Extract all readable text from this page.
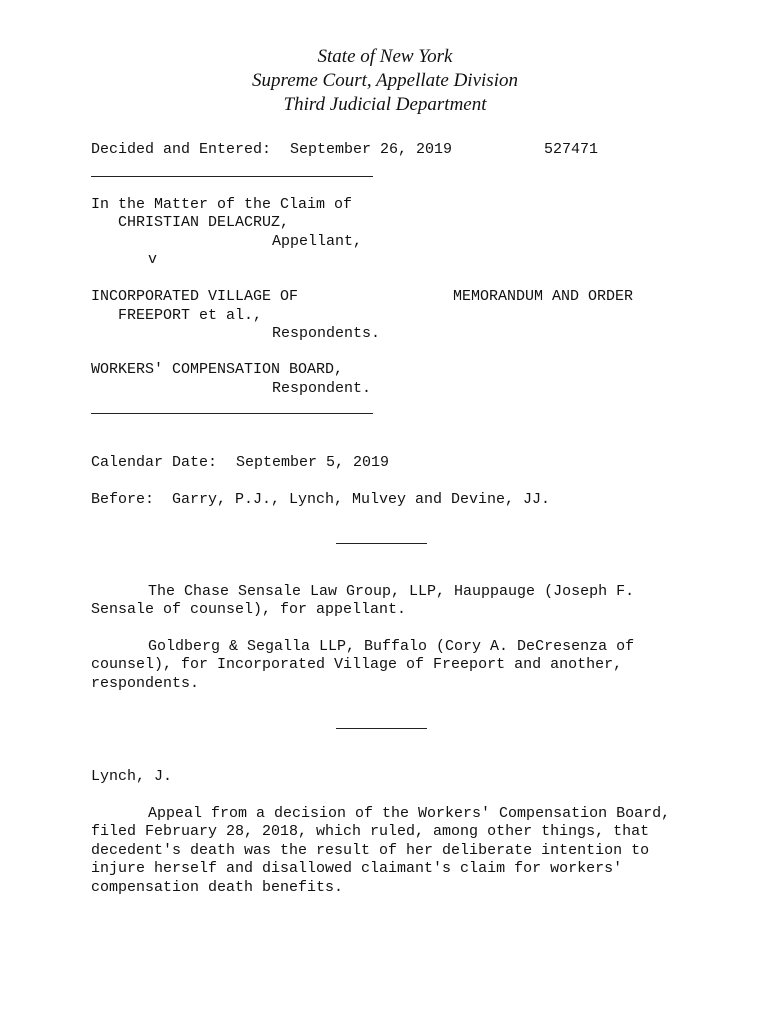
State of New York
Supreme Court, Appellate Division
Third Judicial Department
Decided and Entered: September 26, 2019	527471
In the Matter of the Claim of
CHRISTIAN DELACRUZ,
Appellant,
v
INCORPORATED VILLAGE OF	MEMORANDUM AND ORDER
FREEPORT et al.,
Respondents.
WORKERS' COMPENSATION BOARD,
Respondent.
Calendar Date: September 5, 2019
Before: Garry, P.J., Lynch, Mulvey and Devine, JJ.
The Chase Sensale Law Group, LLP, Hauppauge (Joseph F.
Sensale of counsel), for appellant.
Goldberg & Segalla LLP, Buffalo (Cory A. DeCresenza of
counsel), for Incorporated Village of Freeport and another,
respondents.
Lynch, J.
Appeal from a decision of the Workers' Compensation Board,
filed February 28, 2018, which ruled, among other things, that
decedent's death was the result of her deliberate intention to
injure herself and disallowed claimant's claim for workers'
compensation death benefits.
